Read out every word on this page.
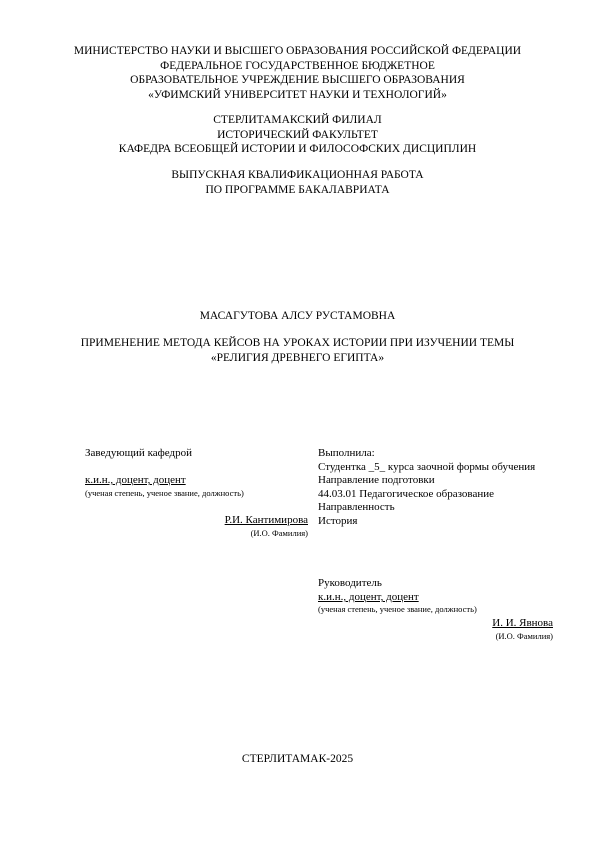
МИНИСТЕРСТВО НАУКИ И ВЫСШЕГО ОБРАЗОВАНИЯ РОССИЙСКОЙ ФЕДЕРАЦИИ
ФЕДЕРАЛЬНОЕ ГОСУДАРСТВЕННОЕ БЮДЖЕТНОЕ
ОБРАЗОВАТЕЛЬНОЕ УЧРЕЖДЕНИЕ ВЫСШЕГО ОБРАЗОВАНИЯ
«УФИМСКИЙ УНИВЕРСИТЕТ НАУКИ И ТЕХНОЛОГИЙ»
СТЕРЛИТАМАКСКИЙ ФИЛИАЛ
ИСТОРИЧЕСКИЙ ФАКУЛЬТЕТ
КАФЕДРА ВСЕОБЩЕЙ ИСТОРИИ И ФИЛОСОФСКИХ ДИСЦИПЛИН
ВЫПУСКНАЯ КВАЛИФИКАЦИОННАЯ РАБОТА
ПО ПРОГРАММЕ БАКАЛАВРИАТА
МАСАГУТОВА АЛСУ РУСТАМОВНА
ПРИМЕНЕНИЕ МЕТОДА КЕЙСОВ НА УРОКАХ ИСТОРИИ ПРИ ИЗУЧЕНИИ ТЕМЫ
«РЕЛИГИЯ ДРЕВНЕГО ЕГИПТА»
Заведующий кафедрой
к.и.н., доцент, доцент
(ученая степень, ученое звание, должность)
Р.И. Кантимирова
(И.О. Фамилия)
Выполнила:
Студентка _5_ курса заочной формы обучения
Направление подготовки
44.03.01 Педагогическое образование
Направленность
История
Руководитель
к.и.н., доцент, доцент
(ученая степень, ученое звание, должность)
И. И. Явнова
(И.О. Фамилия)
СТЕРЛИТАМАК-2025
